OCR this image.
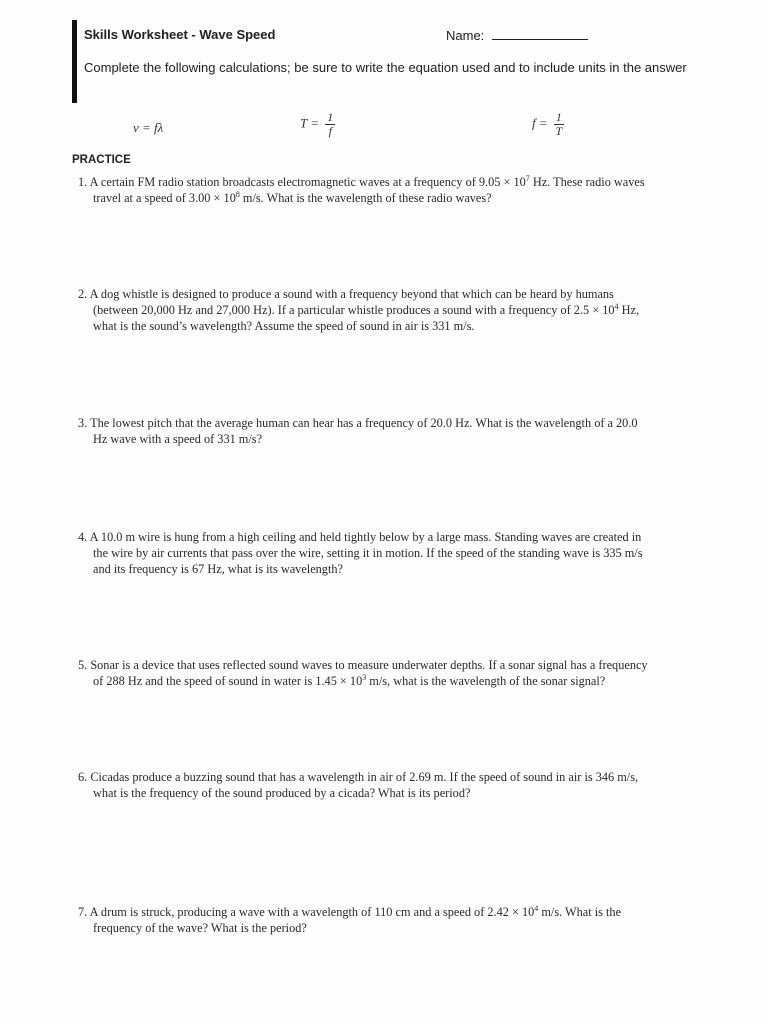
Skills Worksheet - Wave Speed	Name:
Complete the following calculations; be sure to write the equation used and to include units in the answer
v = fλ	$T = \frac{1}{f}$	$f = \frac{1}{T}$
PRACTICE
1. A certain FM radio station broadcasts electromagnetic waves at a frequency of $9.05 \times 10^7$ Hz. These radio waves
travel at a speed of $3.00 \times 10^8$ m/s. What is the wavelength of these radio waves?
2. A dog whistle is designed to produce a sound with a frequency beyond that which can be heard by humans
(between 20,000 Hz and 27,000 Hz). If a particular whistle produces a sound with a frequency of $2.5 \times 10^4$ Hz,
what is the sound’s wavelength? Assume the speed of sound in air is 331 m/s.
3. The lowest pitch that the average human can hear has a frequency of 20.0 Hz. What is the wavelength of a 20.0
Hz wave with a speed of 331 m/s?
4. A 10.0 m wire is hung from a high ceiling and held tightly below by a large mass. Standing waves are created in
the wire by air currents that pass over the wire, setting it in motion. If the speed of the standing wave is 335 m/s
and its frequency is 67 Hz, what is its wavelength?
5. Sonar is a device that uses reflected sound waves to measure underwater depths. If a sonar signal has a frequency
of 288 Hz and the speed of sound in water is $1.45 \times 10^3$ m/s, what is the wavelength of the sonar signal?
6. Cicadas produce a buzzing sound that has a wavelength in air of 2.69 m. If the speed of sound in air is 346 m/s,
what is the frequency of the sound produced by a cicada? What is its period?
7. A drum is struck, producing a wave with a wavelength of 110 cm and a speed of $2.42 \times 10^4$ m/s. What is the
frequency of the wave? What is the period?
